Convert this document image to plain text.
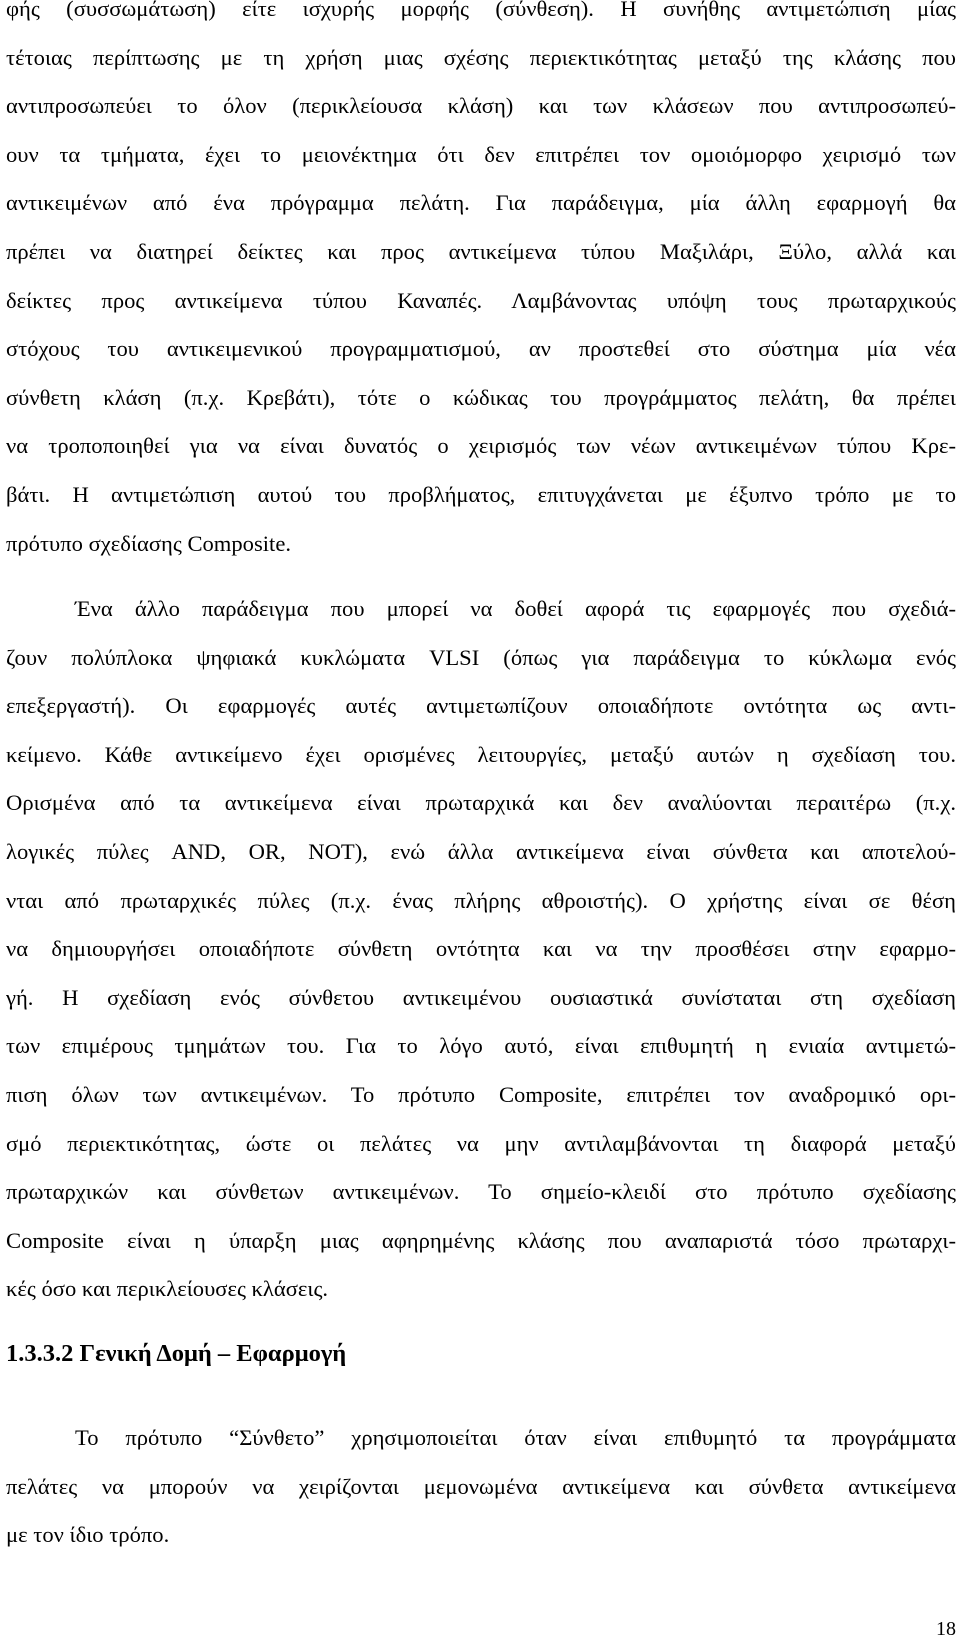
φής (συσσωμάτωση) είτε ισχυρής μορφής (σύνθεση). Η συνήθης αντιμετώπιση μίας
τέτοιας περίπτωσης με τη χρήση μιας σχέσης περιεκτικότητας μεταξύ της κλάσης που
αντιπροσωπεύει το όλον (περικλείουσα κλάση) και των κλάσεων που αντιπροσωπεύ-
ουν τα τμήματα, έχει το μειονέκτημα ότι δεν επιτρέπει τον ομοιόμορφο χειρισμό των
αντικειμένων από ένα πρόγραμμα πελάτη. Για παράδειγμα, μία άλλη εφαρμογή θα
πρέπει να διατηρεί δείκτες και προς αντικείμενα τύπου Μαξιλάρι, Ξύλο, αλλά και
δείκτες προς αντικείμενα τύπου Καναπές. Λαμβάνοντας υπόψη τους πρωταρχικούς
στόχους του αντικειμενικού προγραμματισμού, αν προστεθεί στο σύστημα μία νέα
σύνθετη κλάση (π.χ. Κρεβάτι), τότε ο κώδικας του προγράμματος πελάτη, θα πρέπει
να τροποποιηθεί για να είναι δυνατός ο χειρισμός των νέων αντικειμένων τύπου Κρε-
βάτι. Η αντιμετώπιση αυτού του προβλήματος, επιτυγχάνεται με έξυπνο τρόπο με το
πρότυπο σχεδίασης Composite.
Ένα άλλο παράδειγμα που μπορεί να δοθεί αφορά τις εφαρμογές που σχεδιά-
ζουν πολύπλοκα ψηφιακά κυκλώματα VLSI (όπως για παράδειγμα το κύκλωμα ενός
επεξεργαστή). Οι εφαρμογές αυτές αντιμετωπίζουν οποιαδήποτε οντότητα ως αντι-
κείμενο. Κάθε αντικείμενο έχει ορισμένες λειτουργίες, μεταξύ αυτών η σχεδίαση του.
Ορισμένα από τα αντικείμενα είναι πρωταρχικά και δεν αναλύονται περαιτέρω (π.χ.
λογικές πύλες AND, OR, NOT), ενώ άλλα αντικείμενα είναι σύνθετα και αποτελού-
νται από πρωταρχικές πύλες (π.χ. ένας πλήρης αθροιστής). Ο χρήστης είναι σε θέση
να δημιουργήσει οποιαδήποτε σύνθετη οντότητα και να την προσθέσει στην εφαρμο-
γή. Η σχεδίαση ενός σύνθετου αντικειμένου ουσιαστικά συνίσταται στη σχεδίαση
των επιμέρους τμημάτων του. Για το λόγο αυτό, είναι επιθυμητή η ενιαία αντιμετώ-
πιση όλων των αντικειμένων. Το πρότυπο Composite, επιτρέπει τον αναδρομικό ορι-
σμό περιεκτικότητας, ώστε οι πελάτες να μην αντιλαμβάνονται τη διαφορά μεταξύ
πρωταρχικών και σύνθετων αντικειμένων. Το σημείο-κλειδί στο πρότυπο σχεδίασης
Composite είναι η ύπαρξη μιας αφηρημένης κλάσης που αναπαριστά τόσο πρωταρχι-
κές όσο και περικλείουσες κλάσεις.
1.3.3.2 Γενική Δομή – Εφαρμογή
Το πρότυπο “Σύνθετο” χρησιμοποιείται όταν είναι επιθυμητό τα προγράμματα
πελάτες να μπορούν να χειρίζονται μεμονωμένα αντικείμενα και σύνθετα αντικείμενα
με τον ίδιο τρόπο.
18
